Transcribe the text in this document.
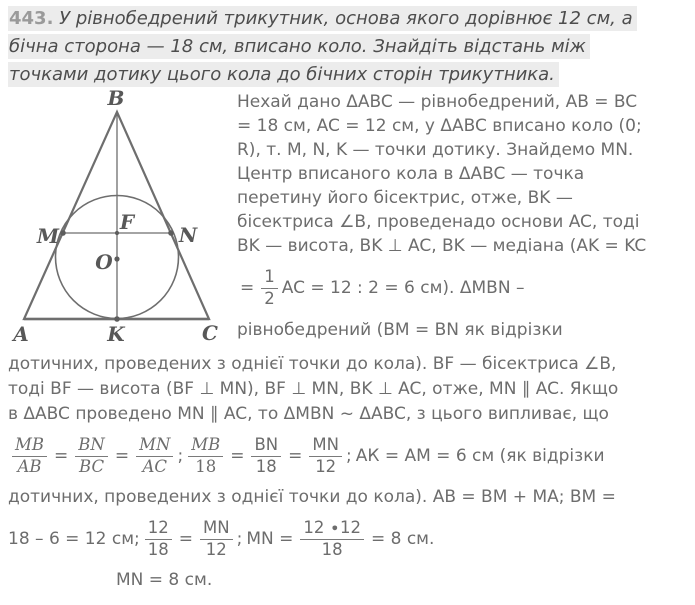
443. У рівнобедрений трикутник, основа якого дорівнює 12 см, а
бічна сторона — 18 см, вписано коло. Знайдіть відстань між
точками дотику цього кола до бічних сторін трикутника.
B
A	C
M	N
F
O
K
Нехай дано ΔABC — рівнобедрений, AB = BC
= 18 см, AC = 12 см, у ΔABC вписано коло (0;
R), т. M, N, K — точки дотику. Знайдемо MN.
Центр вписаного кола в ΔABC — точка
перетину його бісектрис, отже, BK —
бісектриса ∠B, проведенадо основи AC, тоді
BK — висота, BK ⊥ AC, BK — медіана (AK = KC
= $\frac{1}{2}$ AC = 12 : 2 = 6 см). ΔMBN –
рівнобедрений (BM = BN як відрізки
дотичних, проведених з однієї точки до кола). BF — бісектриса ∠B,
тоді BF — висота (BF ⊥ MN), BF ⊥ MN, BK ⊥ AC, отже, MN ∥ AC. Якщо
в ΔABC проведено MN ∥ AC, то ΔMBN ~ ΔABC, з цього випливає, що
$\frac{MB}{AB} = \frac{BN}{BC} = \frac{MN}{AC}$ ; $\frac{MB}{18} = \frac{BN}{18} = \frac{MN}{12}$ ; АК = АМ = 6 см (як відрізки
дотичних, проведених з однієї точки до кола). AB = BM + MA; BM =
18 – 6 = 12 см; $\frac{12}{18} = \frac{MN}{12}$ ; MN = $\frac{12 \cdot 12}{18} = 8$ см.
MN = 8 см.
